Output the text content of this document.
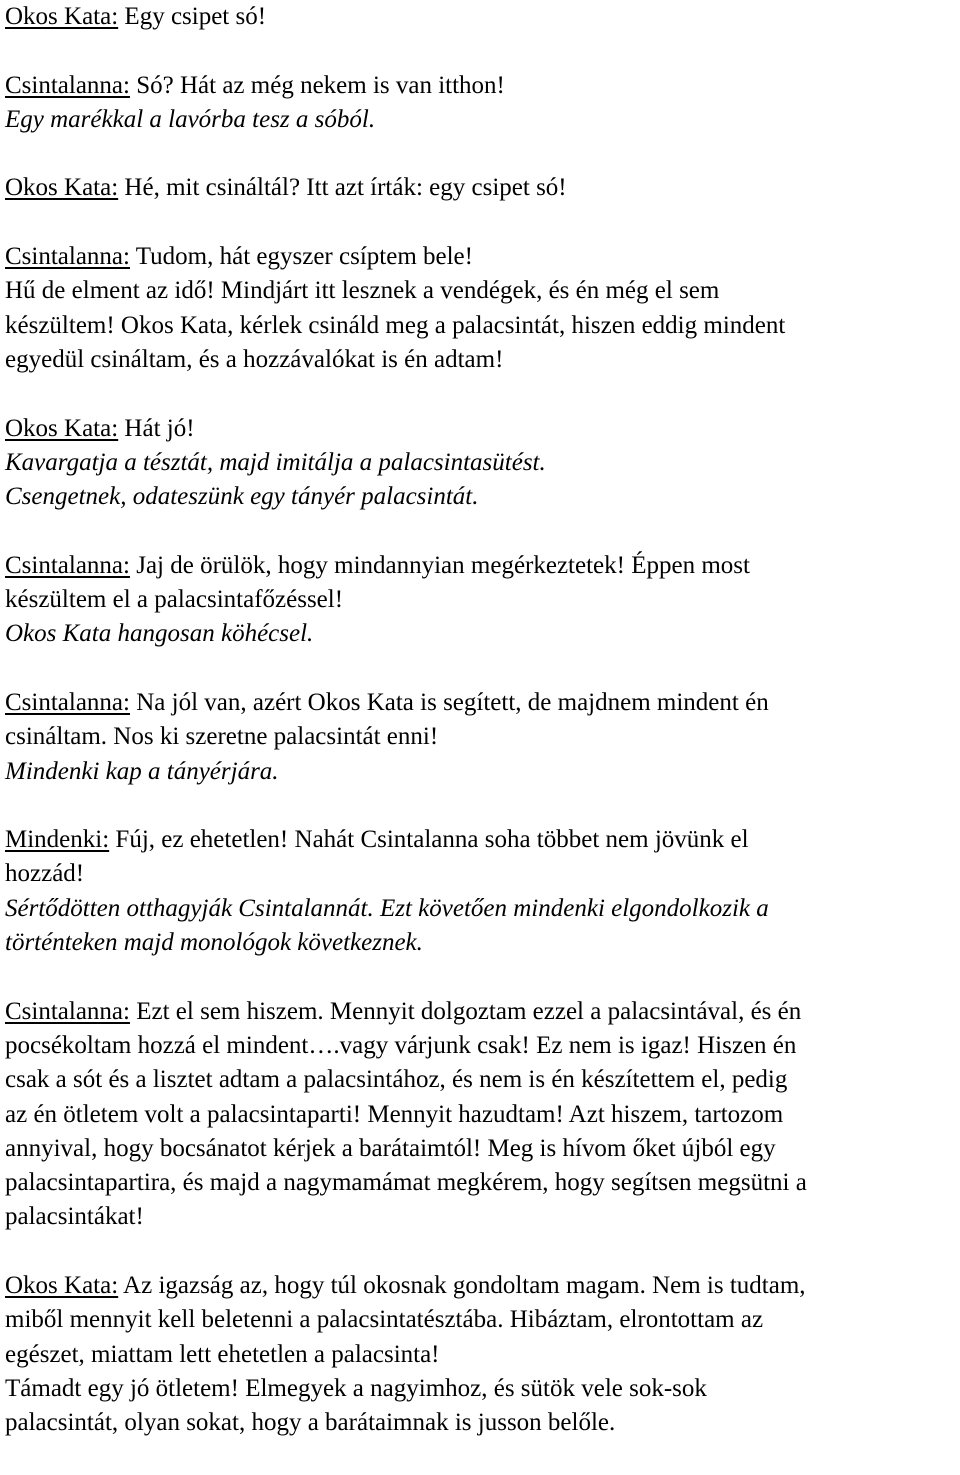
Okos Kata: Egy csipet só!
Csintalanna: Só? Hát az még nekem is van itthon!
Egy marékkal a lavórba tesz a sóból.
Okos Kata: Hé, mit csináltál? Itt azt írták: egy csipet só!
Csintalanna: Tudom, hát egyszer csíptem bele!
Hű de elment az idő! Mindjárt itt lesznek a vendégek, és én még el sem
készültem! Okos Kata, kérlek csináld meg a palacsintát, hiszen eddig mindent
egyedül csináltam, és a hozzávalókat is én adtam!
Okos Kata: Hát jó!
Kavargatja a tésztát, majd imitálja a palacsintasütést.
Csengetnek, odateszünk egy tányér palacsintát.
Csintalanna: Jaj de örülök, hogy mindannyian megérkeztetek! Éppen most
készültem el a palacsintafőzéssel!
Okos Kata hangosan köhécsel.
Csintalanna: Na jól van, azért Okos Kata is segített, de majdnem mindent én
csináltam. Nos ki szeretne palacsintát enni!
Mindenki kap a tányérjára.
Mindenki: Fúj, ez ehetetlen! Nahát Csintalanna soha többet nem jövünk el
hozzád!
Sértődötten otthagyják Csintalannát. Ezt követően mindenki elgondolkozik a
történteken majd monológok következnek.
Csintalanna: Ezt el sem hiszem. Mennyit dolgoztam ezzel a palacsintával, és én
pocsékoltam hozzá el mindent….vagy várjunk csak! Ez nem is igaz! Hiszen én
csak a sót és a lisztet adtam a palacsintához, és nem is én készítettem el, pedig
az én ötletem volt a palacsintaparti! Mennyit hazudtam! Azt hiszem, tartozom
annyival, hogy bocsánatot kérjek a barátaimtól! Meg is hívom őket újból egy
palacsintapartira, és majd a nagymamámat megkérem, hogy segítsen megsütni a
palacsintákat!
Okos Kata: Az igazság az, hogy túl okosnak gondoltam magam. Nem is tudtam,
miből mennyit kell beletenni a palacsintatésztába. Hibáztam, elrontottam az
egészet, miattam lett ehetetlen a palacsinta!
Támadt egy jó ötletem! Elmegyek a nagyimhoz, és sütök vele sok-sok
palacsintát, olyan sokat, hogy a barátaimnak is jusson belőle.
